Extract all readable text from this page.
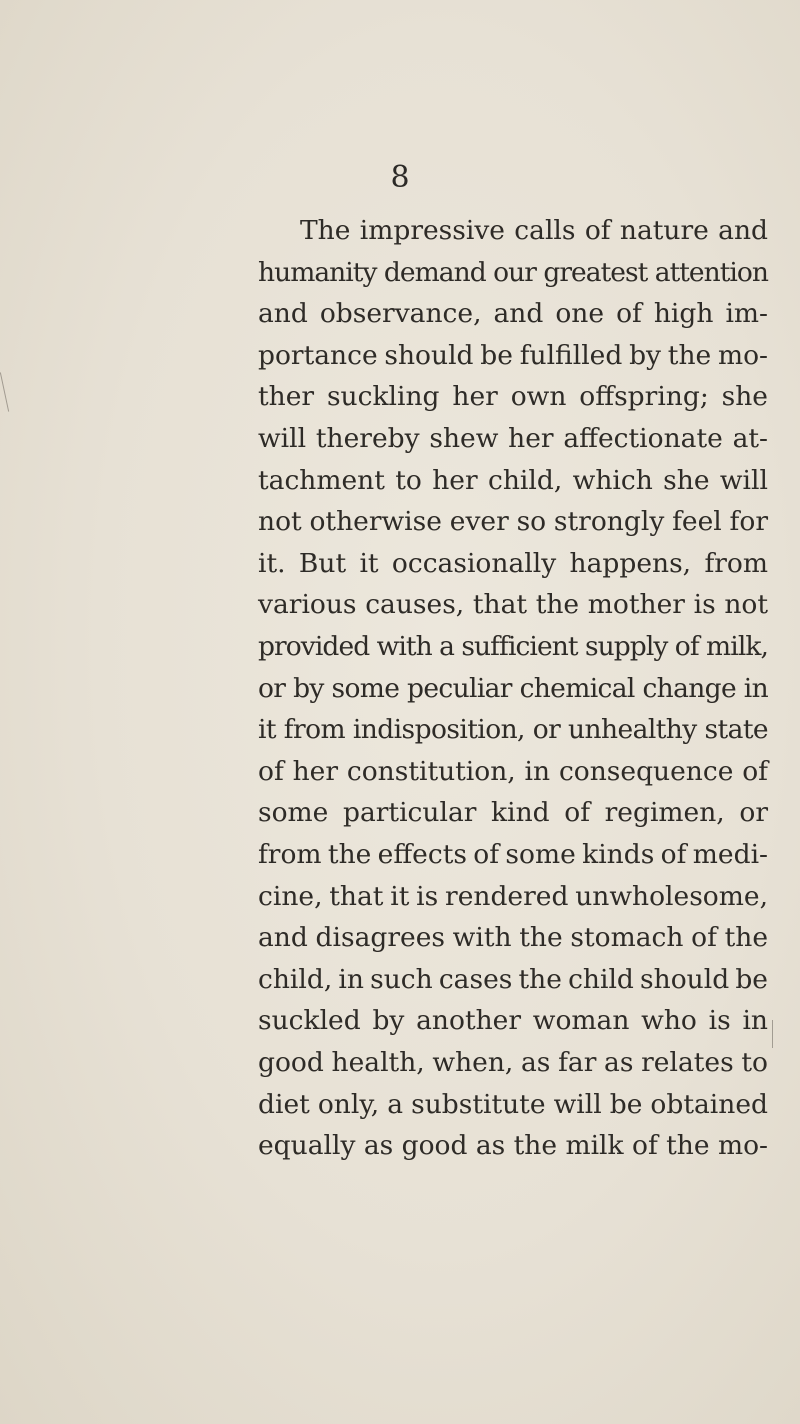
8
The impressive calls of nature and
humanity demand our greatest attention
and observance, and one of high im-
portance should be fulfilled by the mo-
ther suckling her own offspring; she
will thereby shew her affectionate at-
tachment to her child, which she will
not otherwise ever so strongly feel for
it. But it occasionally happens, from
various causes, that the mother is not
provided with a sufficient supply of milk,
or by some peculiar chemical change in
it from indisposition, or unhealthy state
of her constitution, in consequence of
some particular kind of regimen, or
from the effects of some kinds of medi-
cine, that it is rendered unwholesome,
and disagrees with the stomach of the
child, in such cases the child should be
suckled by another woman who is in
good health, when, as far as relates to
diet only, a substitute will be obtained
equally as good as the milk of the mo-
